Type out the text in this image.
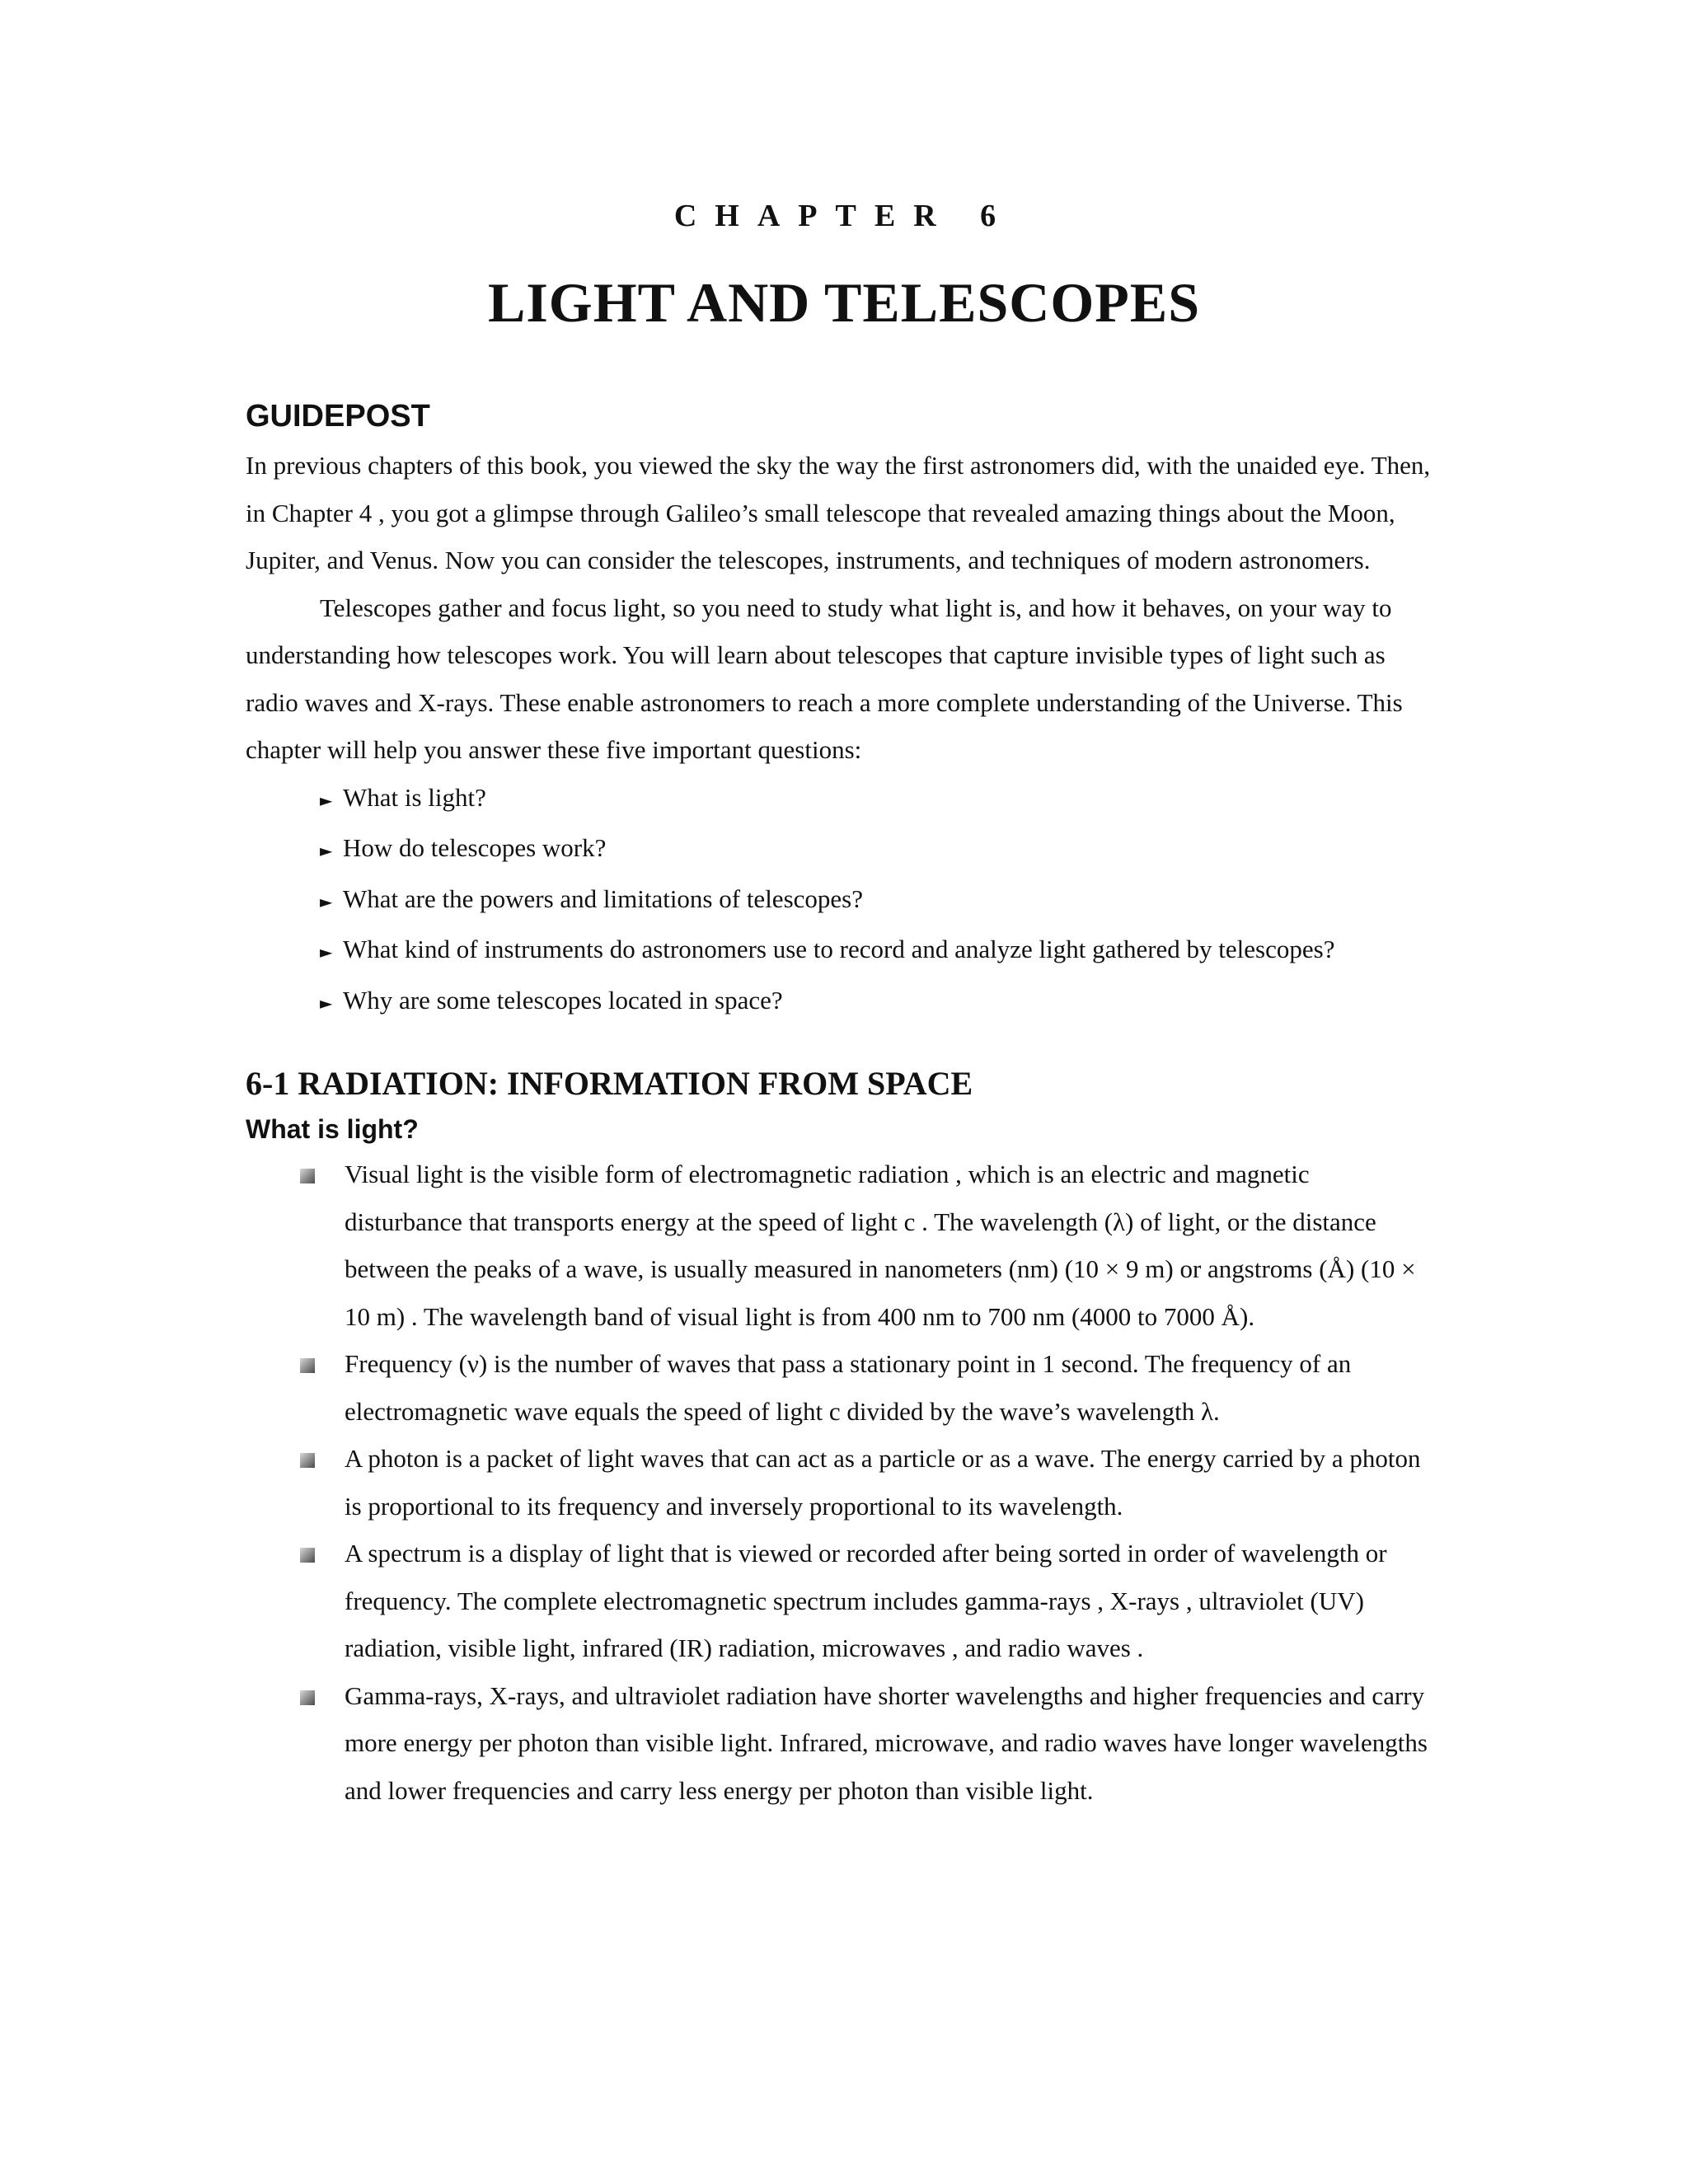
CHAPTER 6
LIGHT AND TELESCOPES
GUIDEPOST

In previous chapters of this book, you viewed the sky the way the first astronomers did, with the unaided eye. Then, in Chapter 4 , you got a glimpse through Galileo’s small telescope that revealed amazing things about the Moon, Jupiter, and Venus. Now you can consider the telescopes, instruments, and techniques of modern astronomers.

Telescopes gather and focus light, so you need to study what light is, and how it behaves, on your way to understanding how telescopes work. You will learn about telescopes that capture invisible types of light such as radio waves and X-rays. These enable astronomers to reach a more complete understanding of the Universe. This chapter will help you answer these five important questions:

► What is light?
► How do telescopes work?
► What are the powers and limitations of telescopes?
► What kind of instruments do astronomers use to record and analyze light gathered by telescopes?
► Why are some telescopes located in space?
6-1 RADIATION: INFORMATION FROM SPACE
What is light?
Visual light is the visible form of electromagnetic radiation , which is an electric and magnetic disturbance that transports energy at the speed of light c . The wavelength (λ) of light, or the distance between the peaks of a wave, is usually measured in nanometers (nm) (10 × 9 m) or angstroms (Å) (10 × 10 m) . The wavelength band of visual light is from 400 nm to 700 nm (4000 to 7000 Å).
Frequency (ν) is the number of waves that pass a stationary point in 1 second. The frequency of an electromagnetic wave equals the speed of light c divided by the wave’s wavelength λ.
A photon is a packet of light waves that can act as a particle or as a wave. The energy carried by a photon is proportional to its frequency and inversely proportional to its wavelength.
A spectrum is a display of light that is viewed or recorded after being sorted in order of wavelength or frequency. The complete electromagnetic spectrum includes gamma-rays , X-rays , ultraviolet (UV) radiation, visible light, infrared (IR) radiation, microwaves , and radio waves .
Gamma-rays, X-rays, and ultraviolet radiation have shorter wavelengths and higher frequencies and carry more energy per photon than visible light. Infrared, microwave, and radio waves have longer wavelengths and lower frequencies and carry less energy per photon than visible light.
